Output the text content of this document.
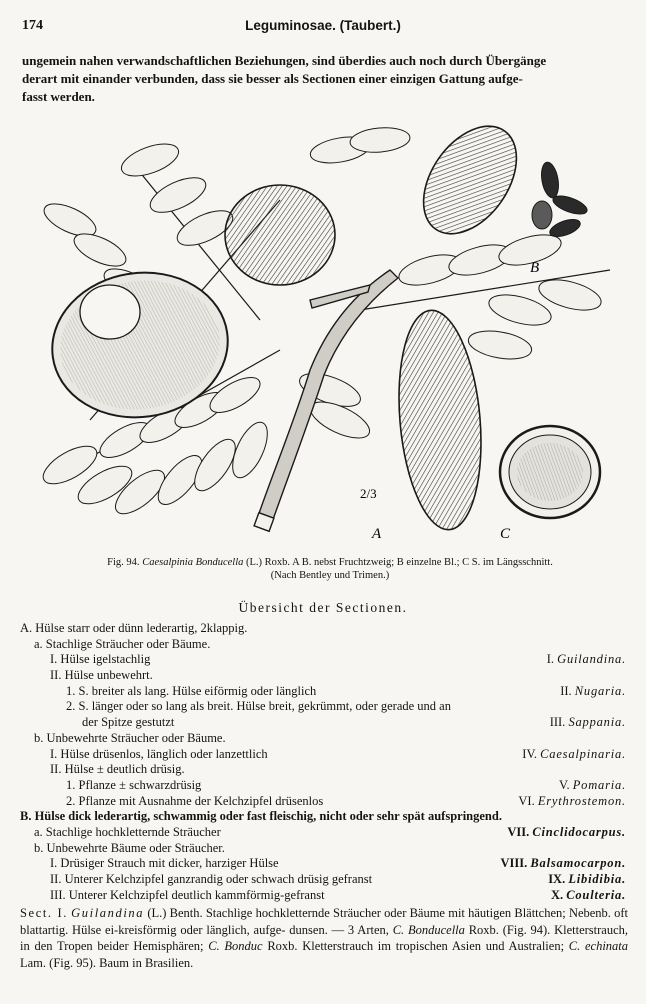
174	Leguminosae. (Taubert.)
ungemein nahen verwandschaftlichen Beziehungen, sind überdies auch noch durch Übergänge
derart mit einander verbunden, dass sie besser als Sectionen einer einzigen Gattung aufge-
fasst werden.
A
B
C
2/3
Fig. 94. Caesalpinia Bonducella (L.) Roxb. A B. nebst Fruchtzweig; B einzelne Bl.; C S. im Längsschnitt.
(Nach Bentley und Trimen.)
Übersicht der Sectionen.
A. Hülse starr oder dünn lederartig, 2klappig.
a. Stachlige Sträucher oder Bäume.
I. Hülse igelstachlig	I. Guilandina.
II. Hülse unbewehrt.
1. S. breiter als lang. Hülse eiförmig oder länglich	II. Nugaria.
2. S. länger oder so lang als breit. Hülse breit, gekrümmt, oder gerade und an
der Spitze gestutzt	III. Sappania.
b. Unbewehrte Sträucher oder Bäume.
I. Hülse drüsenlos, länglich oder lanzettlich	IV. Caesalpinaria.
II. Hülse ± deutlich drüsig.
1. Pflanze ± schwarzdrüsig	V. Pomaria.
2. Pflanze mit Ausnahme der Kelchzipfel drüsenlos	VI. Erythrostemon.
B. Hülse dick lederartig, schwammig oder fast fleischig, nicht oder sehr spät aufspringend.
a. Stachlige hochkletternde Sträucher	VII. Cinclidocarpus.
b. Unbewehrte Bäume oder Sträucher.
I. Drüsiger Strauch mit dicker, harziger Hülse	VIII. Balsamocarpon.
II. Unterer Kelchzipfel ganzrandig oder schwach drüsig gefranst	IX. Libidibia.
III. Unterer Kelchzipfel deutlich kammförmig-gefranst	X. Coulteria.
Sect. I. Guilandina (L.) Benth. Stachlige hochkletternde Sträucher oder Bäume mit häutigen Blättchen; Nebenb. oft blattartig. Hülse ei-kreisförmig oder länglich, aufge- dunsen. — 3 Arten, C. Bonducella Roxb. (Fig. 94). Kletterstrauch, in den Tropen beider Hemisphären; C. Bonduc Roxb. Kletterstrauch im tropischen Asien und Australien; C. echinata Lam. (Fig. 95). Baum in Brasilien.
